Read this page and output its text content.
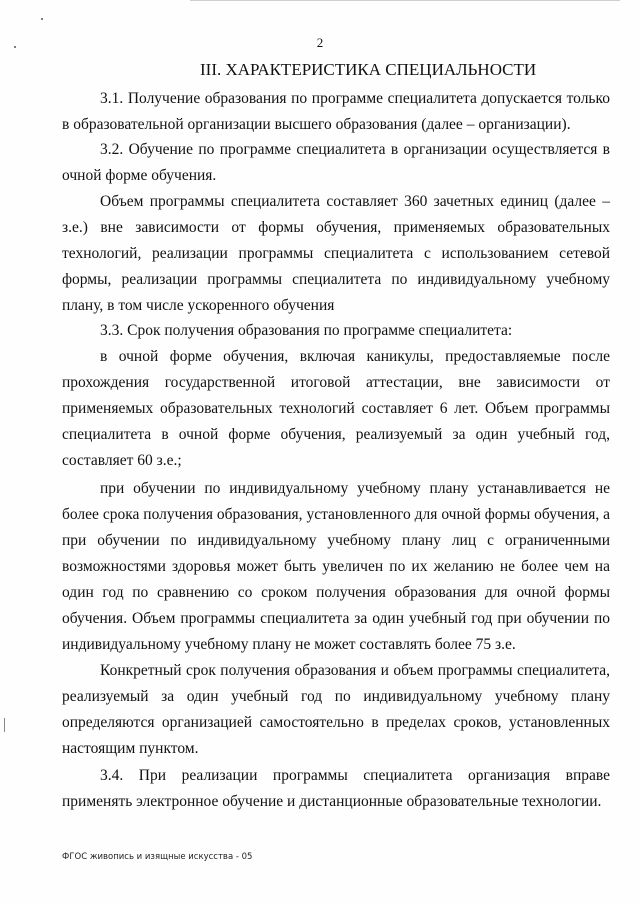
2
III. ХАРАКТЕРИСТИКА СПЕЦИАЛЬНОСТИ

3.1. Получение образования по программе специалитета допускается только в образовательной организации высшего образования (далее – организации).

3.2. Обучение по программе специалитета в организации осуществляется в очной форме обучения.

Объем программы специалитета составляет 360 зачетных единиц (далее – з.е.) вне зависимости от формы обучения, применяемых образовательных технологий, реализации программы специалитета с использованием сетевой формы, реализации программы специалитета по индивидуальному учебному плану, в том числе ускоренного обучения

3.3. Срок получения образования по программе специалитета:

в очной форме обучения, включая каникулы, предоставляемые после прохождения государственной итоговой аттестации, вне зависимости от применяемых образовательных технологий составляет 6 лет. Объем программы специалитета в очной форме обучения, реализуемый за один учебный год, составляет 60 з.е.;

при обучении по индивидуальному учебному плану устанавливается не более срока получения образования, установленного для очной формы обучения, а при обучении по индивидуальному учебному плану лиц с ограниченными возможностями здоровья может быть увеличен по их желанию не более чем на один год по сравнению со сроком получения образования для очной формы обучения. Объем программы специалитета за один учебный год при обучении по индивидуальному учебному плану не может составлять более 75 з.е.

Конкретный срок получения образования и объем программы специалитета, реализуемый за один учебный год по индивидуальному учебному плану определяются организацией самостоятельно в пределах сроков, установленных настоящим пунктом.

3.4. При реализации программы специалитета организация вправе применять электронное обучение и дистанционные образовательные технологии.

ФГОС живопись и изящные искусства - 05
